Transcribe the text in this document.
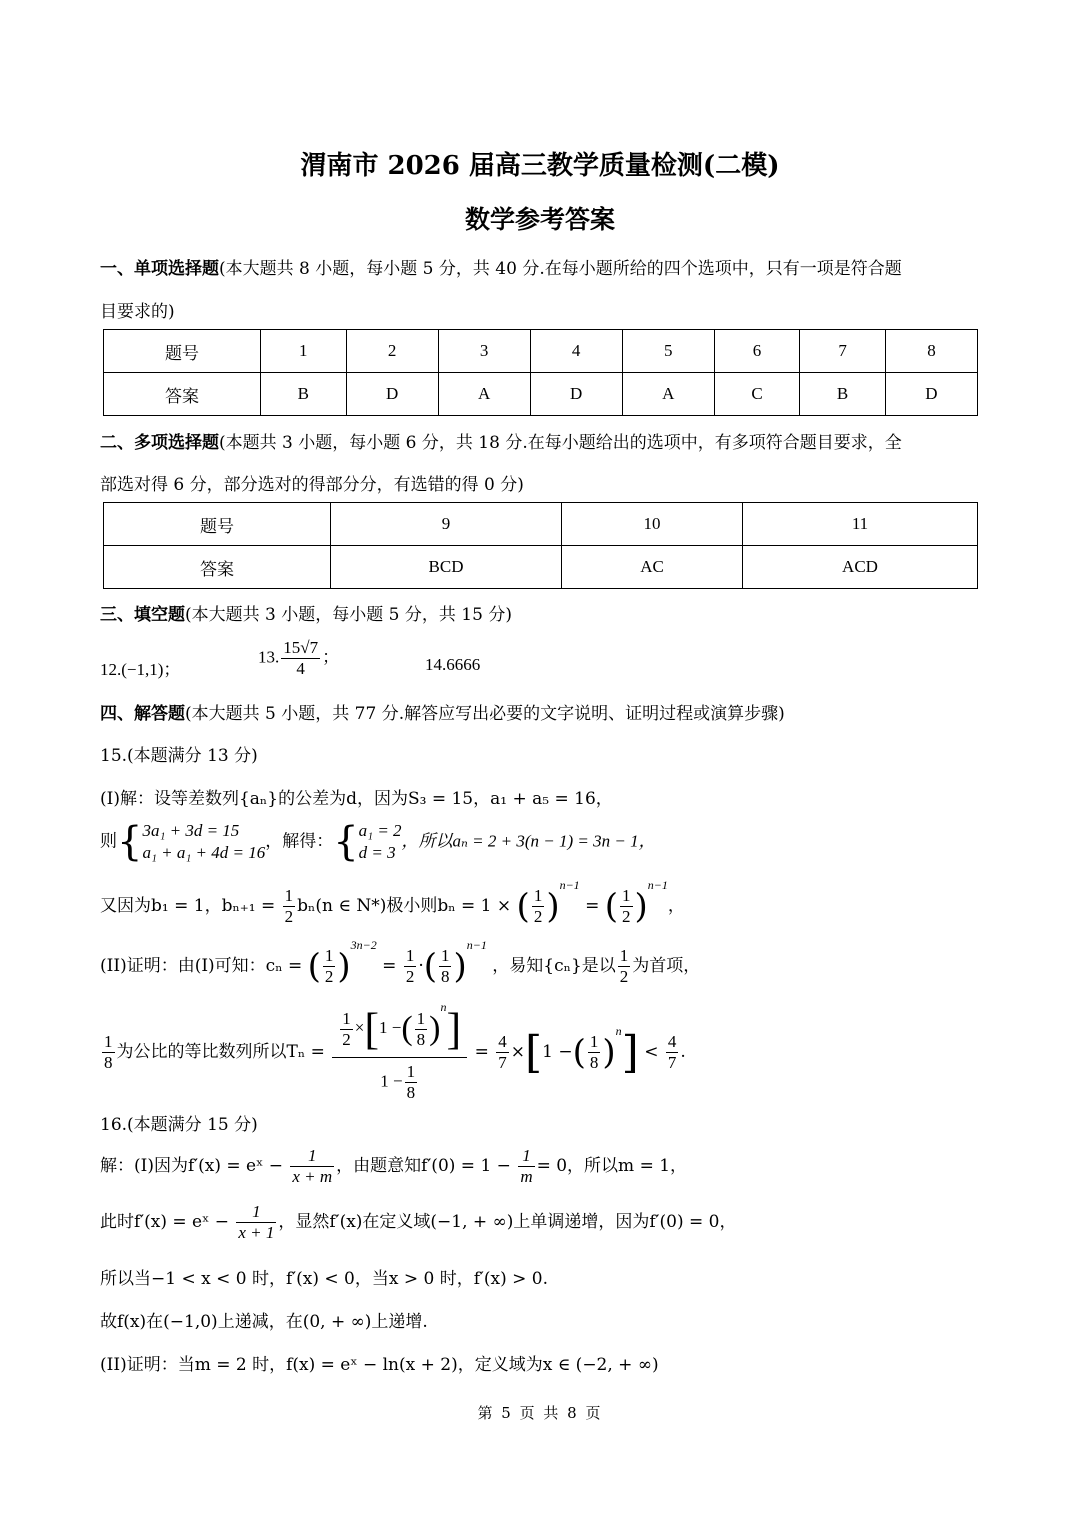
渭南市 2026 届高三教学质量检测(二模)
数学参考答案
一、单项选择题(本大题共 8 小题，每小题 5 分，共 40 分.在每小题所给的四个选项中，只有一项是符合题
目要求的)
题号	1	2	3	4	5	6	7	8
答案	B	D	A	D	A	C	B	D
二、多项选择题(本题共 3 小题，每小题 6 分，共 18 分.在每小题给出的选项中，有多项符合题目要求，全
部选对得 6 分，部分选对的得部分分，有选错的得 0 分)
题号	9	10	11
答案	BCD	AC	ACD
三、填空题(本大题共 3 小题，每小题 5 分，共 15 分)
12.(−1,1)；
13. $\frac{15√7}{4}$ ；	14.6666
四、解答题(本大题共 5 小题，共 77 分.解答应写出必要的文字说明、证明过程或演算步骤)
15.(本题满分 13 分)
(I)解：设等差数列{aₙ}的公差为d，因为S₃ = 15，a₁ + a₅ = 16，
则{ 3a₁ + 3d = 15
a₁ + a₁ + 4d = 16
，解得：{ a₁ = 2
d = 3
，所以aₙ = 2 + 3(n − 1) = 3n − 1，
又因为b₁ = 1，$b_{n+1} = \frac{1}{2} b_n(n$ ∈ N*)极小则bₙ = 1 × ( $\frac{1}{2} )^{n-1}$ = ( $\frac{1}{2} )^{n-1}$，
(II)证明：由(I)可知：cₙ = ( $\frac{1}{2} )^{3n-2} = \frac{1}{2}$ ·( $\frac{1}{8} )^{n-1}$ ，易知{cₙ}是以 $\frac{1}{2}$ 为首项，
$\frac{1}{8}$ 为公比的等比数列所以$T_n = \frac{\frac{1}{2} \times[1 -( \frac{1}{8} )^n]}{1 - \frac{1}{8}} = \frac{4}{7} \times[1$ −( $\frac{1}{8} )^n] < \frac{4}{7}$ .
16.(本题满分 15 分)
解：(I)因为f′(x) = eˣ − $\frac{1}{x + m}$ ，由题意知$f'(0) = 1 - \frac{1}{m} = 0$，所以m = 1，
此时f′(x) = eˣ − $\frac{1}{x + 1}$ ，显然f′(x)在定义域(−1, + ∞)上单调递增，因为f′(0) = 0，
所以当−1 < x < 0 时，f′(x) < 0，当x > 0 时，f′(x) > 0.
故f(x)在(−1,0)上递减，在(0, + ∞)上递增.
(II)证明：当m = 2 时，f(x) = eˣ − ln(x + 2)，定义域为x ∈ (−2, + ∞)
第 5 页 共 8 页
